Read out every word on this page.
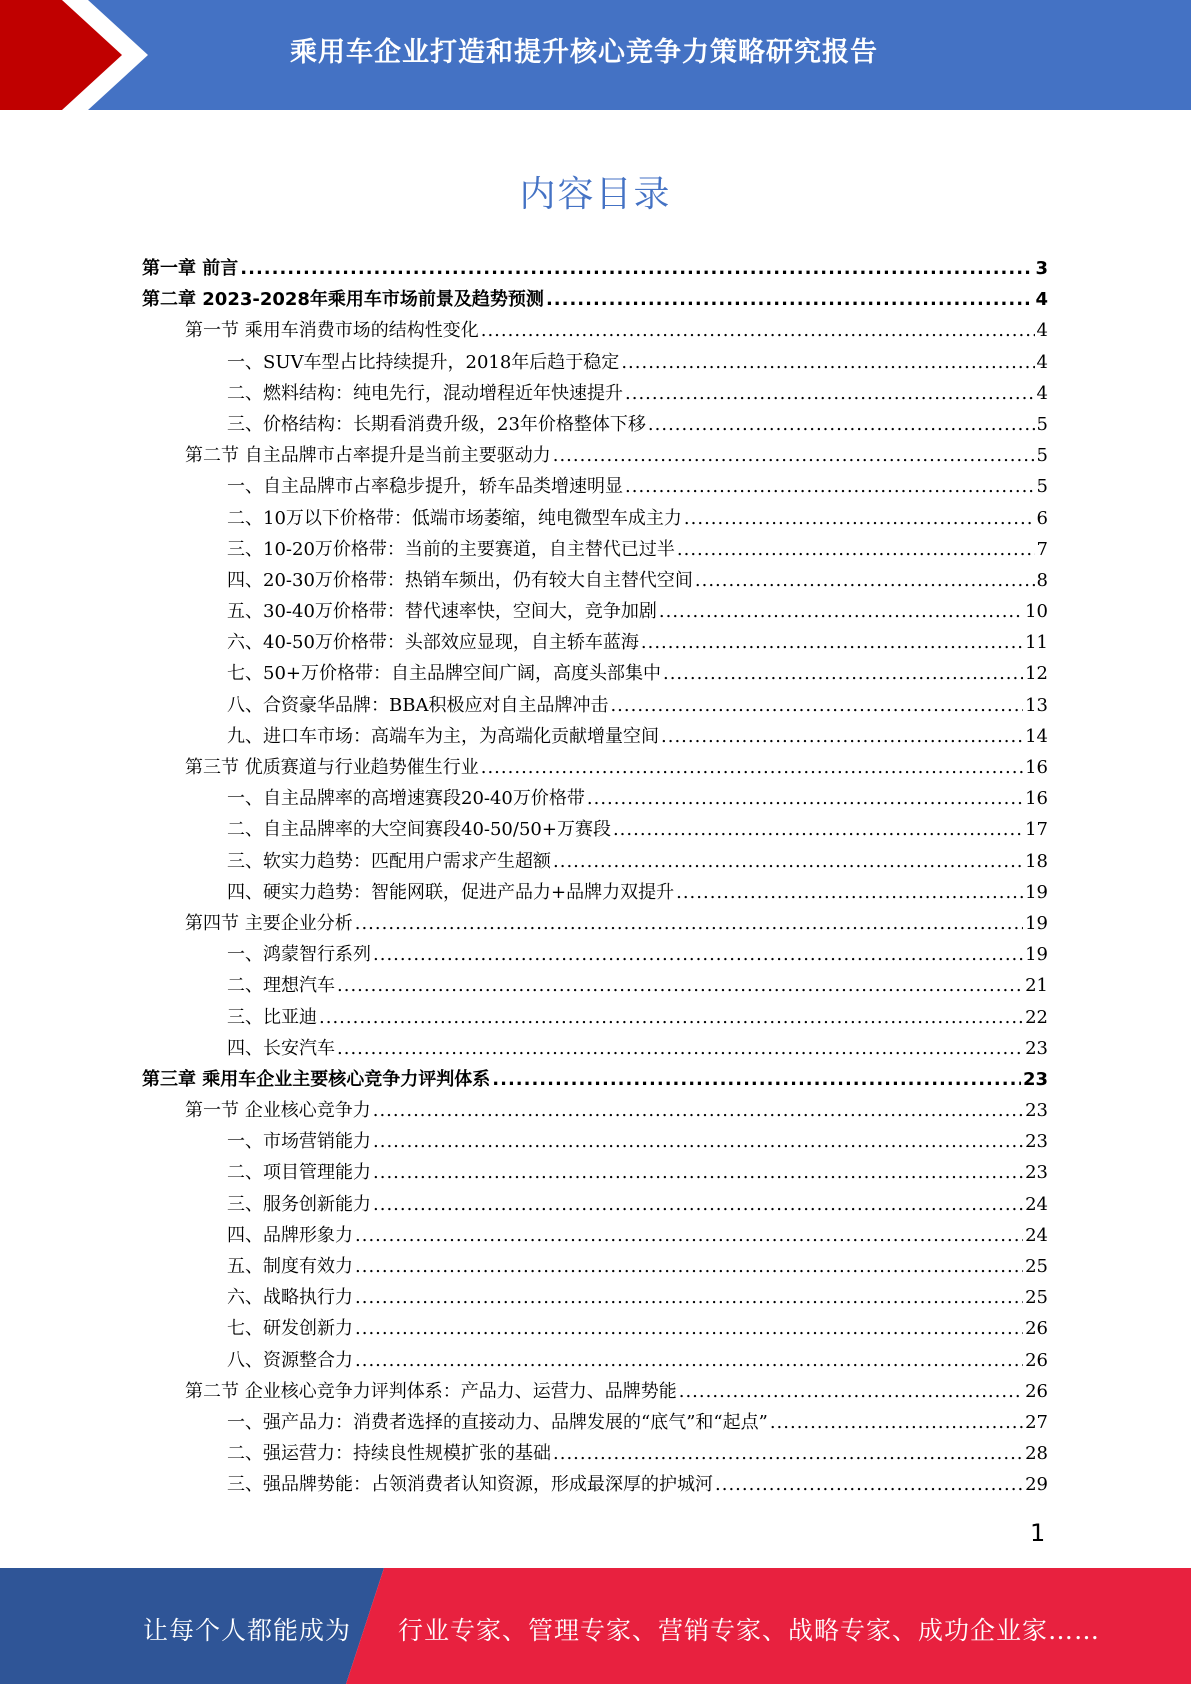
乘用车企业打造和提升核心竞争力策略研究报告
内容目录
第一章 前言 .....	3
第二章 2023-2028年乘用车市场前景及趋势预测 .....	4
第一节 乘用车消费市场的结构性变化 .....	4
一、SUV车型占比持续提升，2018年后趋于稳定 .....	4
二、燃料结构：纯电先行，混动增程近年快速提升 .....	4
三、价格结构：长期看消费升级，23年价格整体下移 .....	5
第二节 自主品牌市占率提升是当前主要驱动力 .....	5
一、自主品牌市占率稳步提升，轿车品类增速明显 .....	5
二、10万以下价格带：低端市场萎缩，纯电微型车成主力 .....	6
三、10-20万价格带：当前的主要赛道，自主替代已过半 .....	7
四、20-30万价格带：热销车频出，仍有较大自主替代空间 .....	8
五、30-40万价格带：替代速率快，空间大，竞争加剧 .....	10
六、40-50万价格带：头部效应显现，自主轿车蓝海 .....	11
七、50+万价格带：自主品牌空间广阔，高度头部集中 .....	12
八、合资豪华品牌：BBA积极应对自主品牌冲击 .....	13
九、进口车市场：高端车为主，为高端化贡献增量空间 .....	14
第三节 优质赛道与行业趋势催生行业 .....	16
一、自主品牌率的高增速赛段20-40万价格带 .....	16
二、自主品牌率的大空间赛段40-50/50+万赛段 .....	17
三、软实力趋势：匹配用户需求产生超额 .....	18
四、硬实力趋势：智能网联，促进产品力+品牌力双提升 .....	19
第四节 主要企业分析 .....	19
一、鸿蒙智行系列 .....	19
二、理想汽车 .....	21
三、比亚迪 .....	22
四、长安汽车 .....	23
第三章 乘用车企业主要核心竞争力评判体系 .....	23
第一节 企业核心竞争力 .....	23
一、市场营销能力 .....	23
二、项目管理能力 .....	23
三、服务创新能力 .....	24
四、品牌形象力 .....	24
五、制度有效力 .....	25
六、战略执行力 .....	25
七、研发创新力 .....	26
八、资源整合力 .....	26
第二节 企业核心竞争力评判体系：产品力、运营力、品牌势能 .....	26
一、强产品力：消费者选择的直接动力、品牌发展的“底气”和“起点” .....	27
二、强运营力：持续良性规模扩张的基础 .....	28
三、强品牌势能：占领消费者认知资源，形成最深厚的护城河 .....	29
1
让每个人都能成为 行业专家、管理专家、营销专家、战略专家、成功企业家……
